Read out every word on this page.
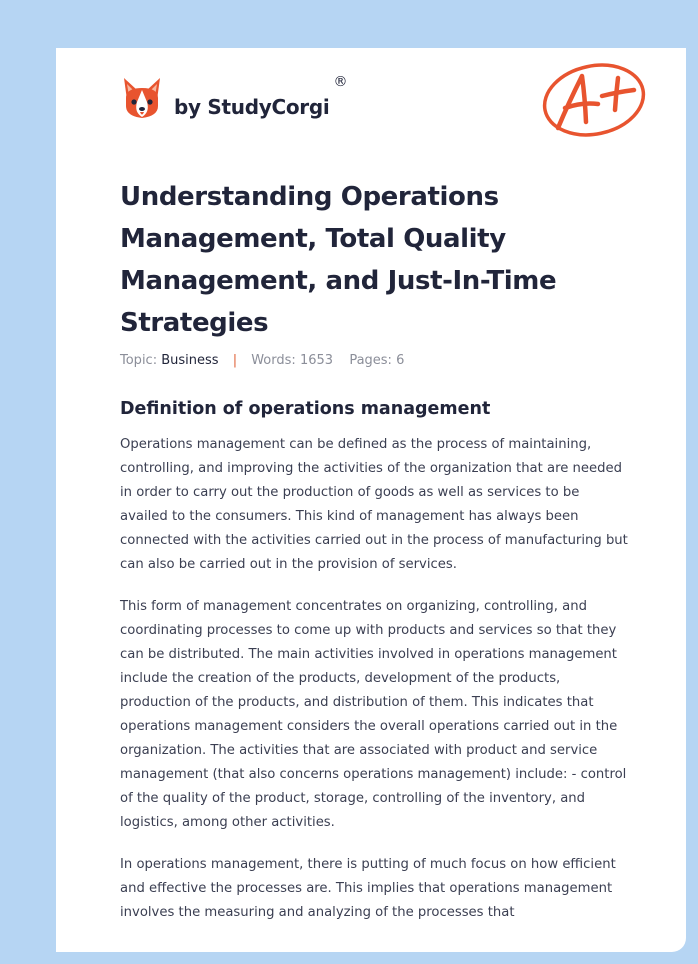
by StudyCorgi
®
Understanding Operations Management, Total Quality Management, and Just-In-Time Strategies
Topic: Business | Words: 1653 Pages: 6
Definition of operations management

Operations management can be defined as the process of maintaining, controlling, and improving the activities of the organization that are needed in order to carry out the production of goods as well as services to be availed to the consumers. This kind of management has always been connected with the activities carried out in the process of manufacturing but can also be carried out in the provision of services.

This form of management concentrates on organizing, controlling, and coordinating processes to come up with products and services so that they can be distributed. The main activities involved in operations management include the creation of the products, development of the products, production of the products, and distribution of them. This indicates that operations management considers the overall operations carried out in the organization. The activities that are associated with product and service management (that also concerns operations management) include: - control of the quality of the product, storage, controlling of the inventory, and logistics, among other activities.

In operations management, there is putting of much focus on how efficient and effective the processes are. This implies that operations management involves the measuring and analyzing of the processes that
